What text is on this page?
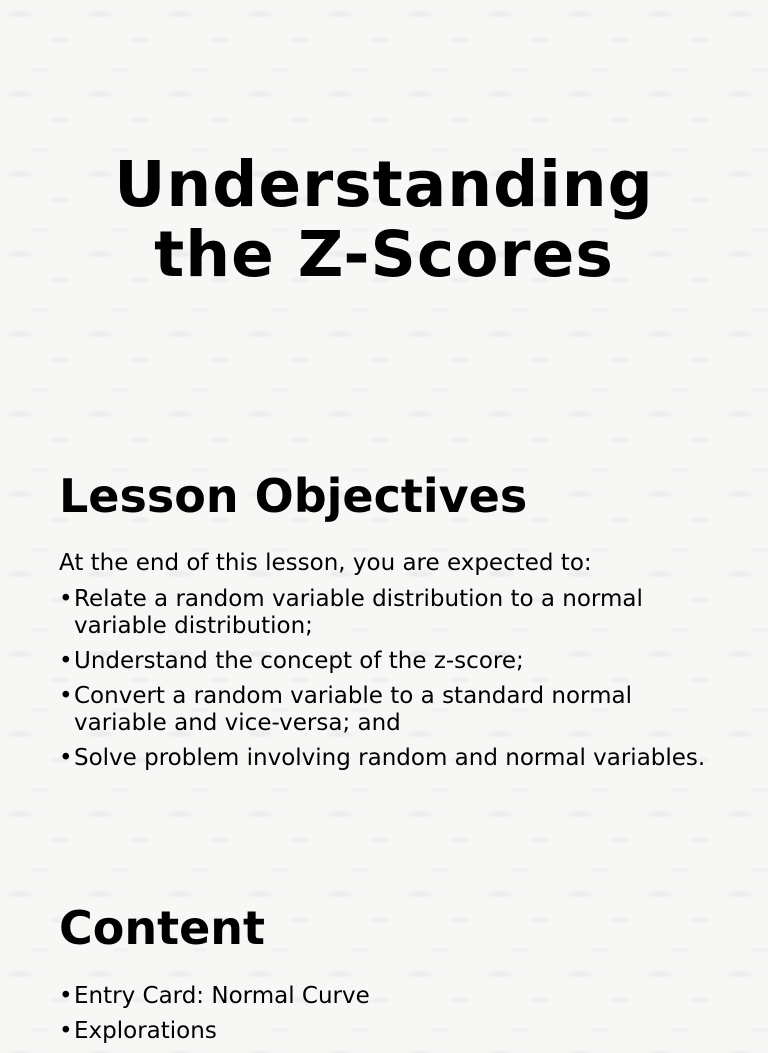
Understanding
the Z-Scores
Lesson Objectives

At the end of this lesson, you are expected to:

• Relate a random variable distribution to a normal variable distribution;
• Understand the concept of the z-score;
• Convert a random variable to a standard normal variable and vice-versa; and
• Solve problem involving random and normal variables.
Content
• Entry Card: Normal Curve
• Explorations
